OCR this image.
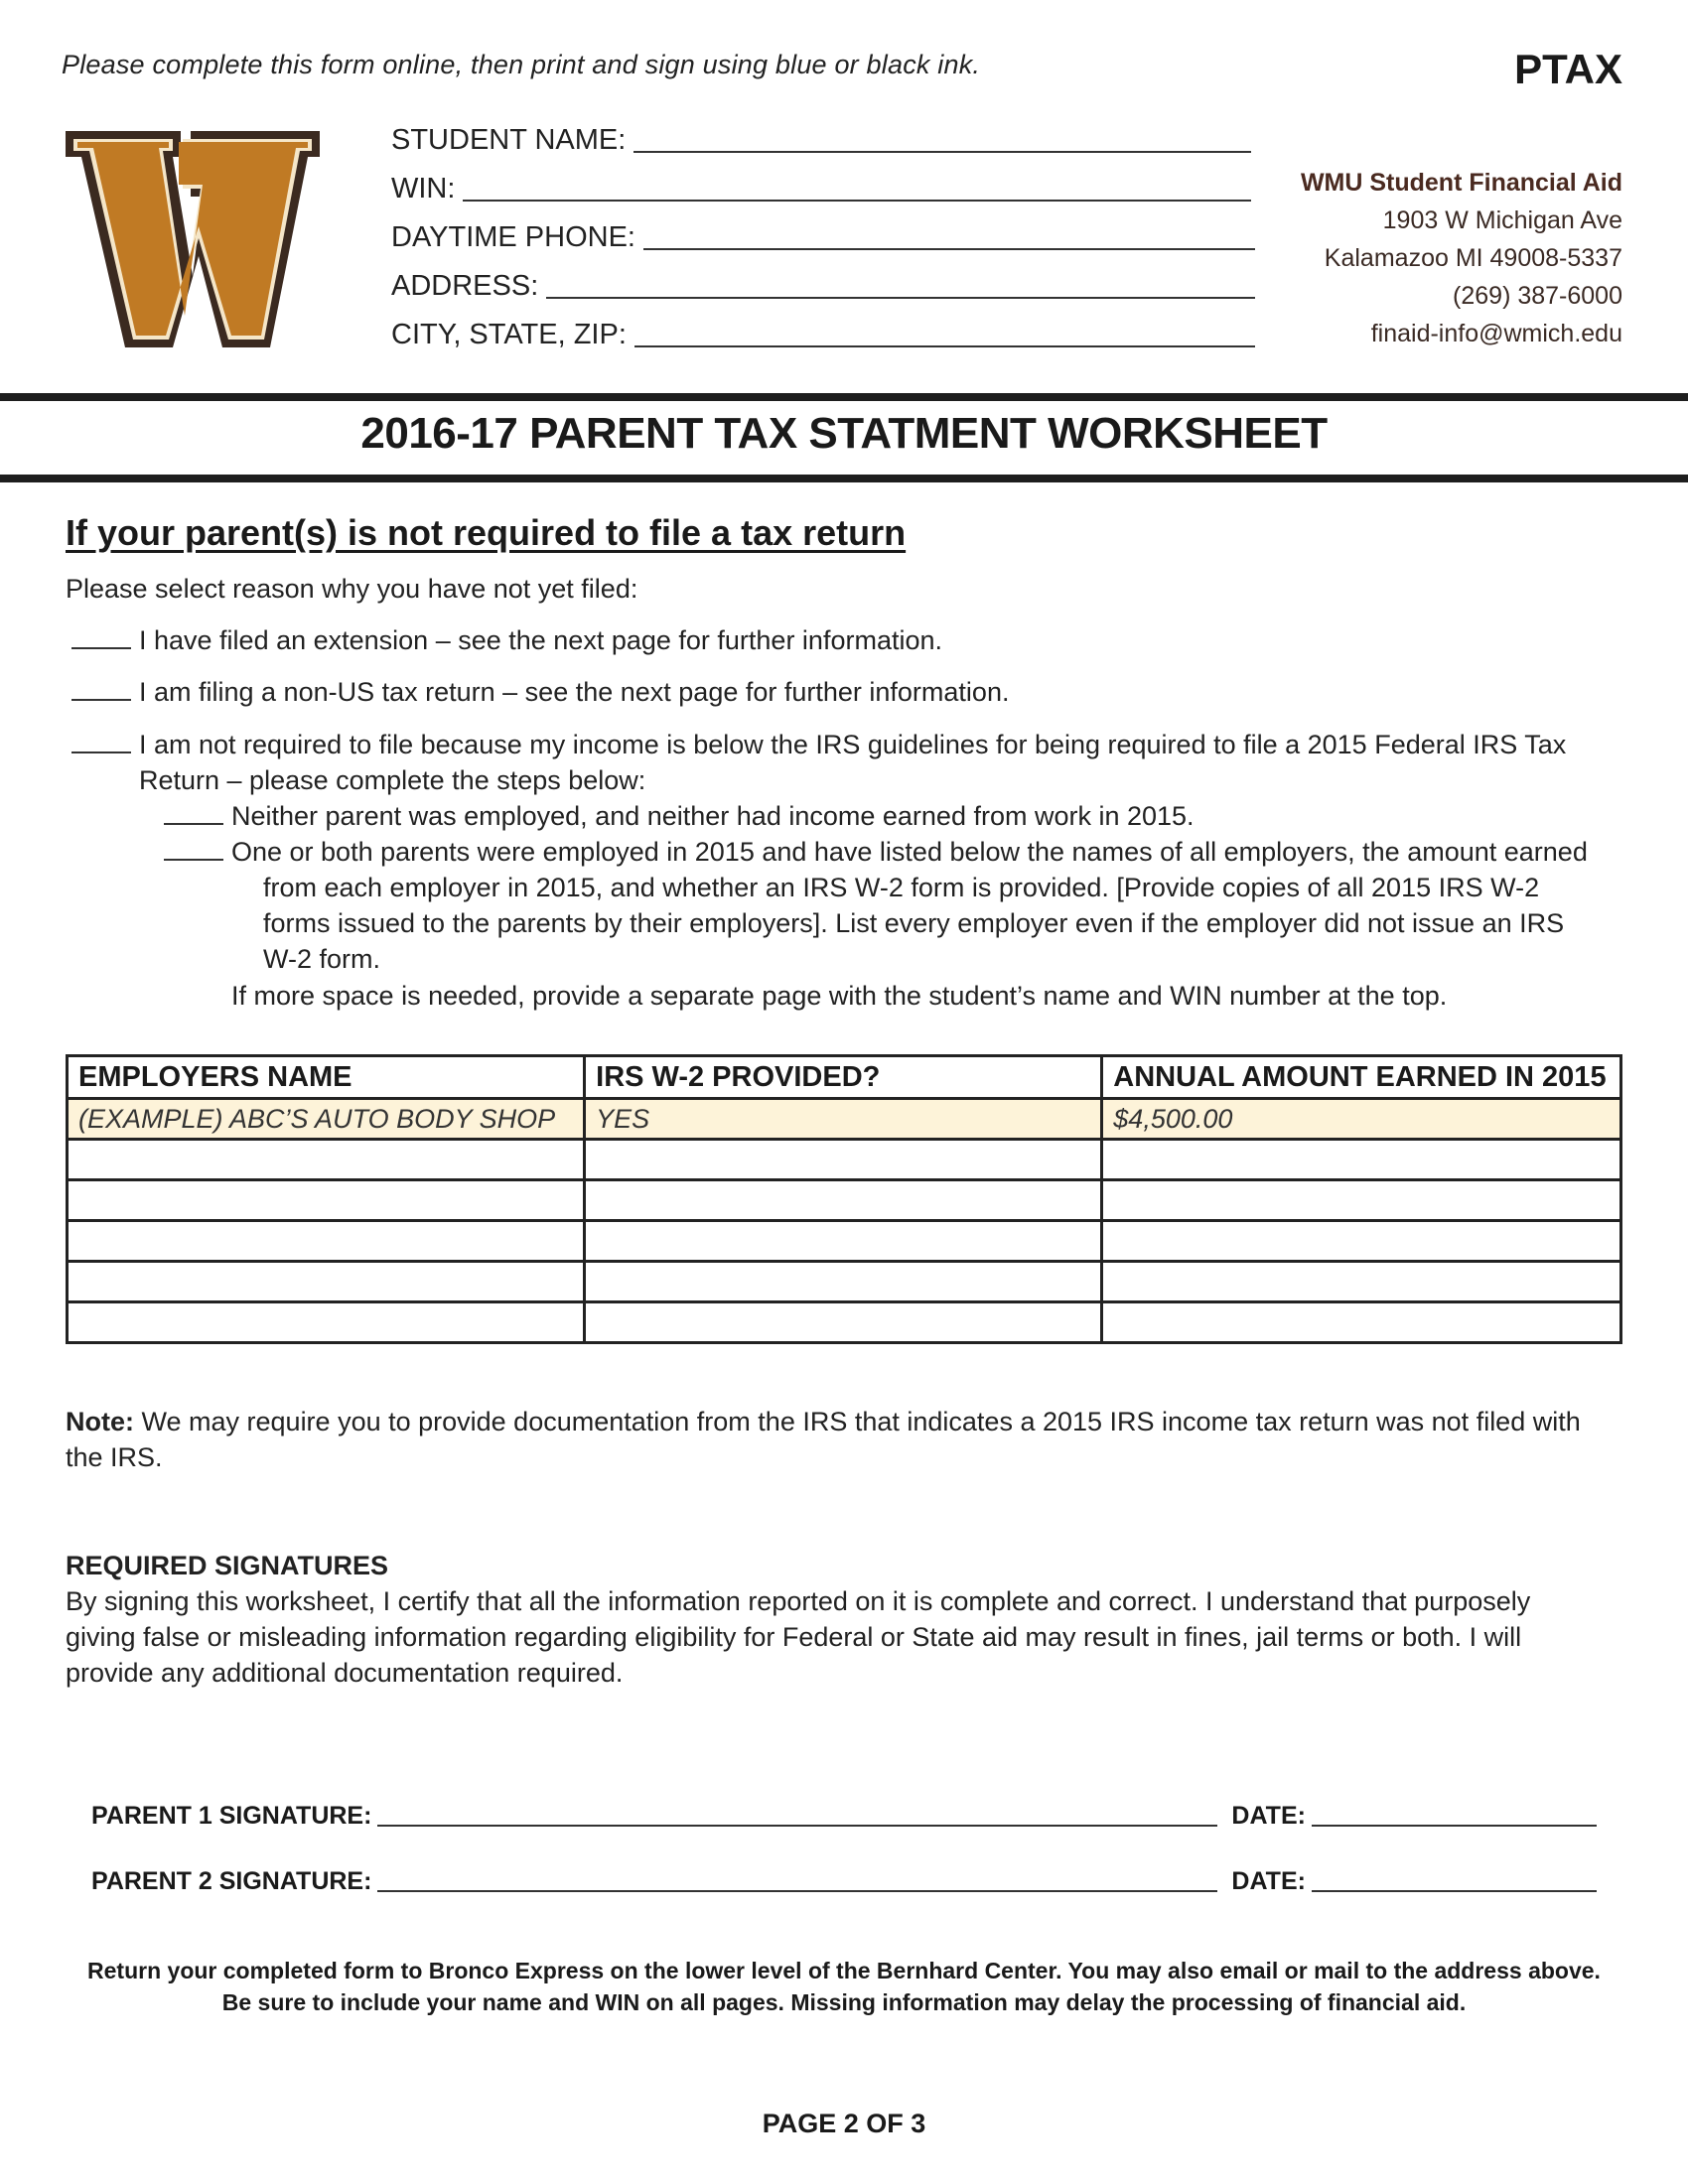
Please complete this form online, then print and sign using blue or black ink.	PTAX
STUDENT NAME:
WIN:
DAYTIME PHONE:
ADDRESS:
CITY, STATE, ZIP:
WMU Student Financial Aid
1903 W Michigan Ave
Kalamazoo MI 49008-5337
(269) 387-6000
finaid-info@wmich.edu
2016-17 PARENT TAX STATMENT WORKSHEET
If your parent(s) is not required to file a tax return
Please select reason why you have not yet filed:
I have filed an extension – see the next page for further information.
I am filing a non-US tax return – see the next page for further information.
I am not required to file because my income is below the IRS guidelines for being required to file a 2015 Federal IRS Tax
Return – please complete the steps below:
Neither parent was employed, and neither had income earned from work in 2015.
One or both parents were employed in 2015 and have listed below the names of all employers, the amount earned
from each employer in 2015, and whether an IRS W-2 form is provided. [Provide copies of all 2015 IRS W-2
forms issued to the parents by their employers]. List every employer even if the employer did not issue an IRS
W-2 form.
If more space is needed, provide a separate page with the student’s name and WIN number at the top.
EMPLOYERS NAME	IRS W-2 PROVIDED?	ANNUAL AMOUNT EARNED IN 2015
(EXAMPLE) ABC’S AUTO BODY SHOP	YES	$4,500.00

Note: We may require you to provide documentation from the IRS that indicates a 2015 IRS income tax return was not filed with
the IRS.
REQUIRED SIGNATURES
By signing this worksheet, I certify that all the information reported on it is complete and correct. I understand that purposely
giving false or misleading information regarding eligibility for Federal or State aid may result in fines, jail terms or both. I will
provide any additional documentation required.
PARENT 1 SIGNATURE:	DATE:
PARENT 2 SIGNATURE:	DATE:
Return your completed form to Bronco Express on the lower level of the Bernhard Center. You may also email or mail to the address above.
Be sure to include your name and WIN on all pages. Missing information may delay the processing of financial aid.
PAGE 2 OF 3
